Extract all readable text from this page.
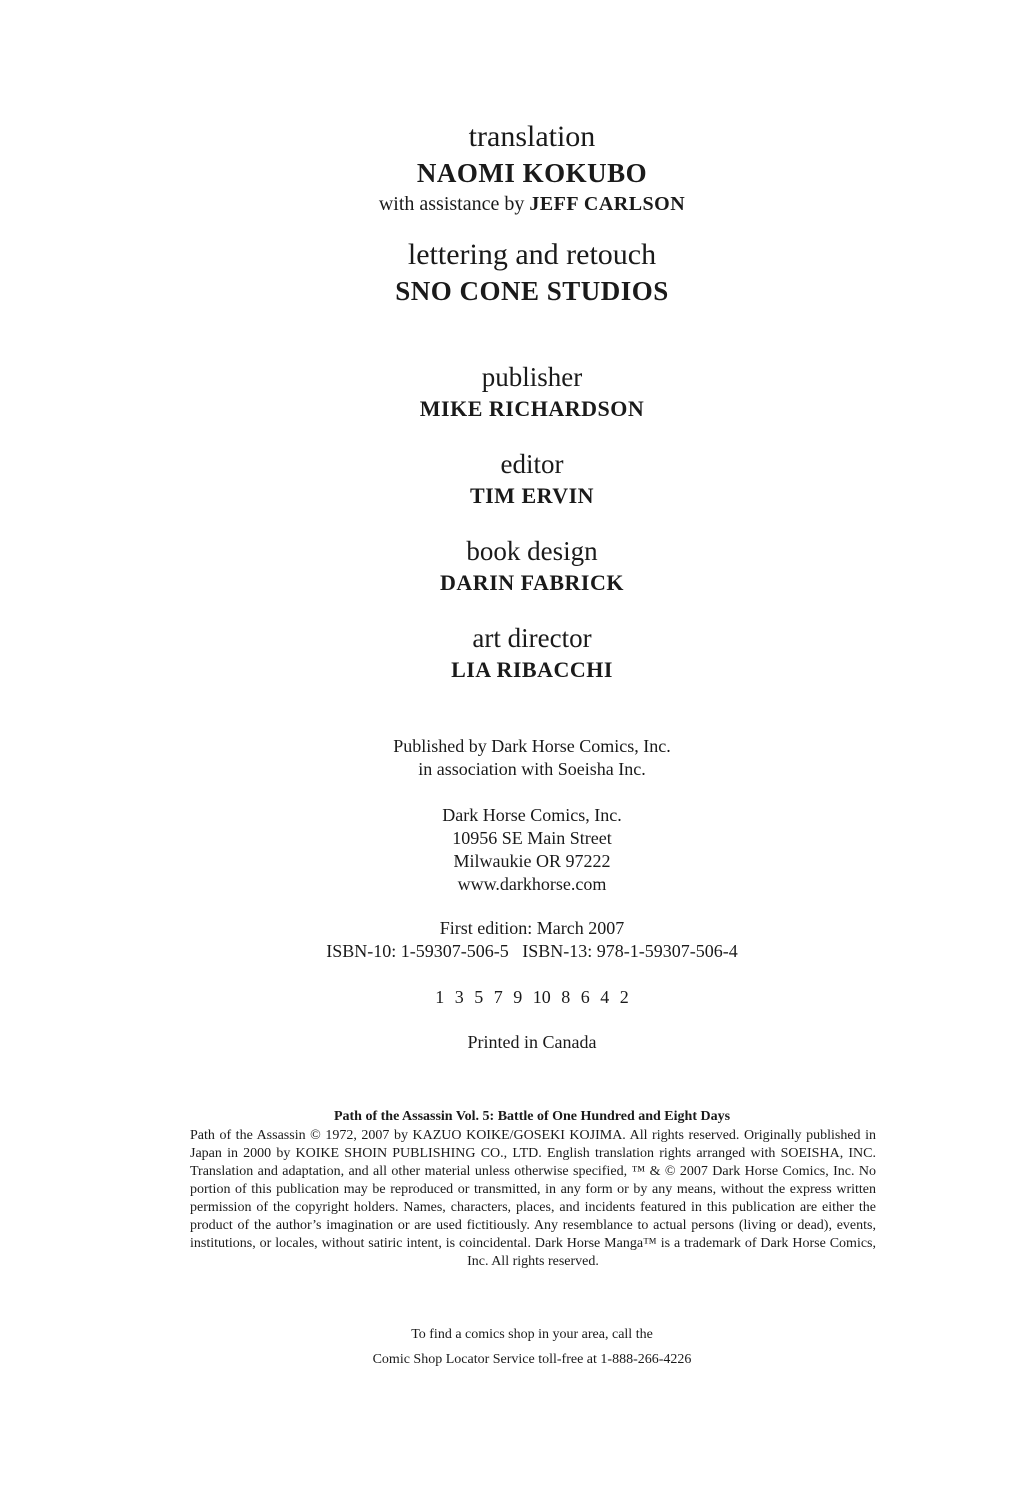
translation
NAOMI KOKUBO
with assistance by JEFF CARLSON
lettering and retouch
SNO CONE STUDIOS
publisher
MIKE RICHARDSON
editor
TIM ERVIN
book design
DARIN FABRICK
art director
LIA RIBACCHI
Published by Dark Horse Comics, Inc.
in association with Soeisha Inc.
Dark Horse Comics, Inc.
10956 SE Main Street
Milwaukie OR 97222
www.darkhorse.com
First edition: March 2007
ISBN-10: 1-59307-506-5   ISBN-13: 978-1-59307-506-4
1 3 5 7 9 10 8 6 4 2
Printed in Canada
Path of the Assassin Vol. 5: Battle of One Hundred and Eight Days
Path of the Assassin © 1972, 2007 by KAZUO KOIKE/GOSEKI KOJIMA. All rights reserved. Originally published in Japan in 2000 by KOIKE SHOIN PUBLISHING CO., LTD. English translation rights arranged with SOEISHA, INC. Translation and adaptation, and all other material unless otherwise specified, ™ & © 2007 Dark Horse Comics, Inc. No portion of this publication may be reproduced or transmitted, in any form or by any means, without the express written permission of the copyright holders. Names, characters, places, and incidents featured in this publication are either the product of the author’s imagination or are used fictitiously. Any resemblance to actual persons (living or dead), events, institutions, or locales, without satiric intent, is coincidental. Dark Horse Manga™ is a trademark of Dark Horse Comics, Inc. All rights reserved.
To find a comics shop in your area, call the
Comic Shop Locator Service toll-free at 1-888-266-4226
